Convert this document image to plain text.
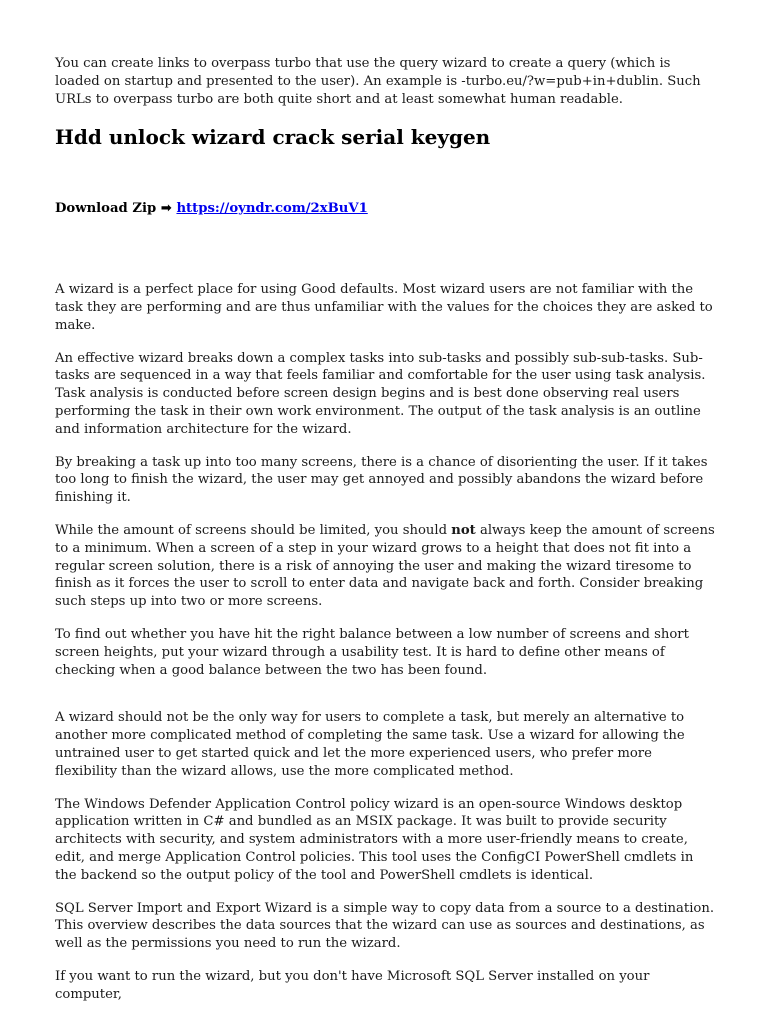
You can create links to overpass turbo that use the query wizard to create a query (which is loaded on startup and presented to the user). An example is -turbo.eu/?w=pub+in+dublin. Such URLs to overpass turbo are both quite short and at least somewhat human readable.

Hdd unlock wizard crack serial keygen

Download Zip ➡ https://oyndr.com/2xBuV1

A wizard is a perfect place for using Good defaults. Most wizard users are not familiar with the task they are performing and are thus unfamiliar with the values for the choices they are asked to make.

An effective wizard breaks down a complex tasks into sub-tasks and possibly sub-sub-tasks. Sub-tasks are sequenced in a way that feels familiar and comfortable for the user using task analysis. Task analysis is conducted before screen design begins and is best done observing real users performing the task in their own work environment. The output of the task analysis is an outline and information architecture for the wizard.

By breaking a task up into too many screens, there is a chance of disorienting the user. If it takes too long to finish the wizard, the user may get annoyed and possibly abandons the wizard before finishing it.

While the amount of screens should be limited, you should not always keep the amount of screens to a minimum. When a screen of a step in your wizard grows to a height that does not fit into a regular screen solution, there is a risk of annoying the user and making the wizard tiresome to finish as it forces the user to scroll to enter data and navigate back and forth. Consider breaking such steps up into two or more screens.

To find out whether you have hit the right balance between a low number of screens and short screen heights, put your wizard through a usability test. It is hard to define other means of checking when a good balance between the two has been found.

A wizard should not be the only way for users to complete a task, but merely an alternative to another more complicated method of completing the same task. Use a wizard for allowing the untrained user to get started quick and let the more experienced users, who prefer more flexibility than the wizard allows, use the more complicated method.

The Windows Defender Application Control policy wizard is an open-source Windows desktop application written in C# and bundled as an MSIX package. It was built to provide security architects with security, and system administrators with a more user-friendly means to create, edit, and merge Application Control policies. This tool uses the ConfigCI PowerShell cmdlets in the backend so the output policy of the tool and PowerShell cmdlets is identical.

SQL Server Import and Export Wizard is a simple way to copy data from a source to a destination. This overview describes the data sources that the wizard can use as sources and destinations, as well as the permissions you need to run the wizard.

If you want to run the wizard, but you don't have Microsoft SQL Server installed on your computer,
